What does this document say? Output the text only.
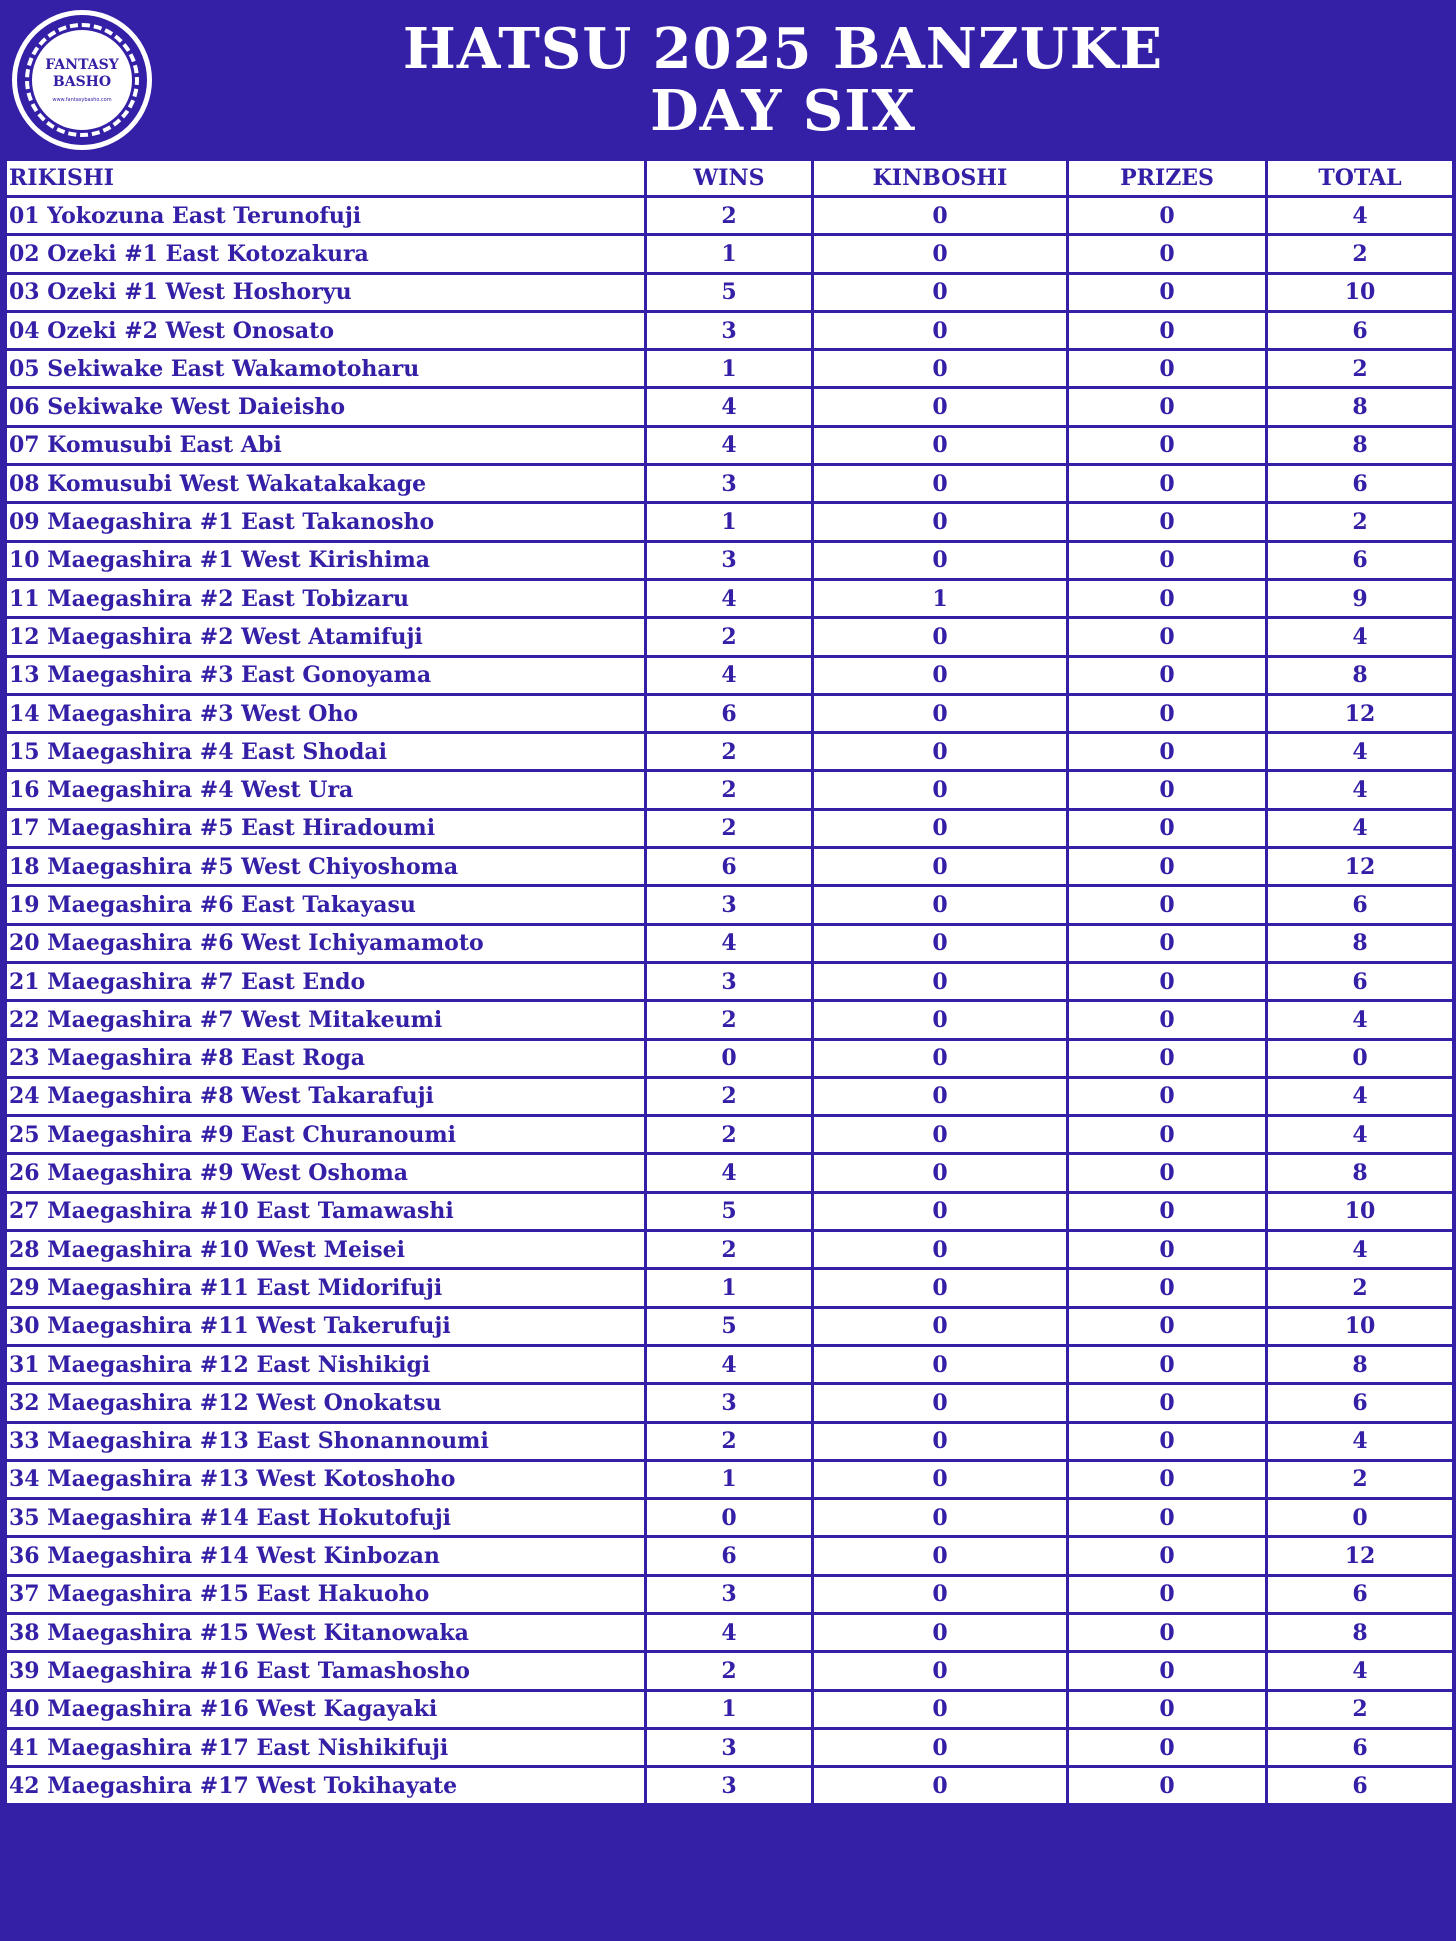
FANTASY
BASHO
www.fantasybasho.com
HATSU 2025 BANZUKE
DAY SIX
RIKISHI	WINS	KINBOSHI	PRIZES	TOTAL
01 Yokozuna East Terunofuji	2	0	0	4
02 Ozeki #1 East Kotozakura	1	0	0	2
03 Ozeki #1 West Hoshoryu	5	0	0	10
04 Ozeki #2 West Onosato	3	0	0	6
05 Sekiwake East Wakamotoharu	1	0	0	2
06 Sekiwake West Daieisho	4	0	0	8
07 Komusubi East Abi	4	0	0	8
08 Komusubi West Wakatakakage	3	0	0	6
09 Maegashira #1 East Takanosho	1	0	0	2
10 Maegashira #1 West Kirishima	3	0	0	6
11 Maegashira #2 East Tobizaru	4	1	0	9
12 Maegashira #2 West Atamifuji	2	0	0	4
13 Maegashira #3 East Gonoyama	4	0	0	8
14 Maegashira #3 West Oho	6	0	0	12
15 Maegashira #4 East Shodai	2	0	0	4
16 Maegashira #4 West Ura	2	0	0	4
17 Maegashira #5 East Hiradoumi	2	0	0	4
18 Maegashira #5 West Chiyoshoma	6	0	0	12
19 Maegashira #6 East Takayasu	3	0	0	6
20 Maegashira #6 West Ichiyamamoto	4	0	0	8
21 Maegashira #7 East Endo	3	0	0	6
22 Maegashira #7 West Mitakeumi	2	0	0	4
23 Maegashira #8 East Roga	0	0	0	0
24 Maegashira #8 West Takarafuji	2	0	0	4
25 Maegashira #9 East Churanoumi	2	0	0	4
26 Maegashira #9 West Oshoma	4	0	0	8
27 Maegashira #10 East Tamawashi	5	0	0	10
28 Maegashira #10 West Meisei	2	0	0	4
29 Maegashira #11 East Midorifuji	1	0	0	2
30 Maegashira #11 West Takerufuji	5	0	0	10
31 Maegashira #12 East Nishikigi	4	0	0	8
32 Maegashira #12 West Onokatsu	3	0	0	6
33 Maegashira #13 East Shonannoumi	2	0	0	4
34 Maegashira #13 West Kotoshoho	1	0	0	2
35 Maegashira #14 East Hokutofuji	0	0	0	0
36 Maegashira #14 West Kinbozan	6	0	0	12
37 Maegashira #15 East Hakuoho	3	0	0	6
38 Maegashira #15 West Kitanowaka	4	0	0	8
39 Maegashira #16 East Tamashosho	2	0	0	4
40 Maegashira #16 West Kagayaki	1	0	0	2
41 Maegashira #17 East Nishikifuji	3	0	0	6
42 Maegashira #17 West Tokihayate	3	0	0	6
